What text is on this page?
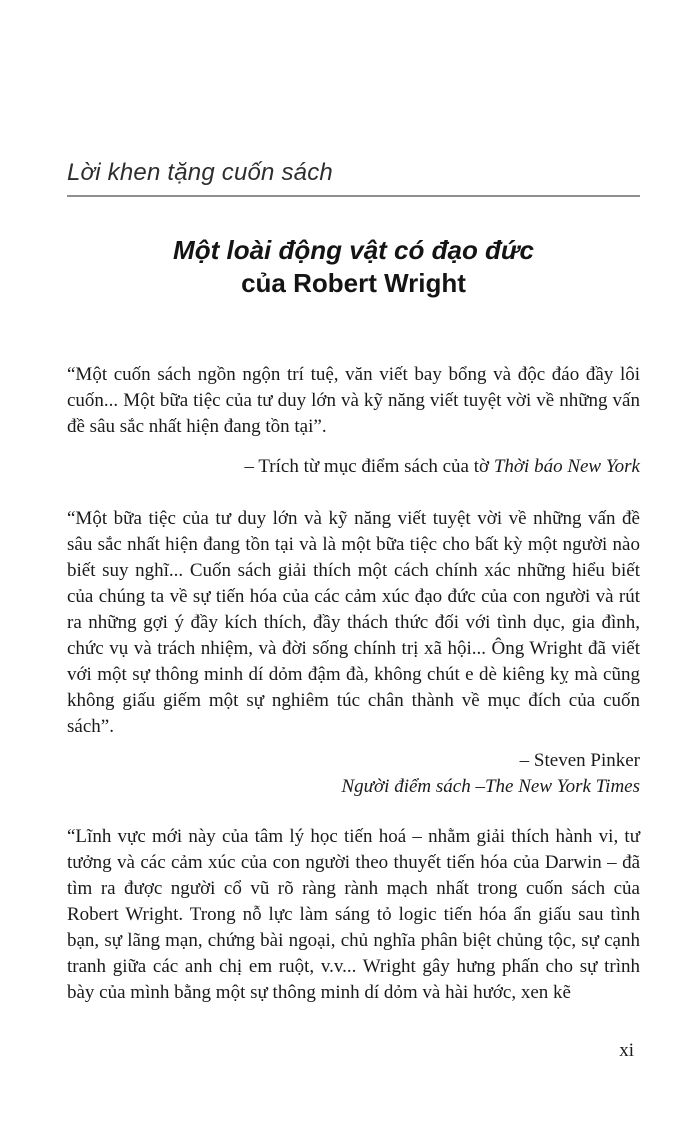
Lời khen tặng cuốn sách
Một loài động vật có đạo đức
của Robert Wright

“Một cuốn sách ngồn ngộn trí tuệ, văn viết bay bổng và độc đáo đầy lôi cuốn... Một bữa tiệc của tư duy lớn và kỹ năng viết tuyệt vời về những vấn đề sâu sắc nhất hiện đang tồn tại”.

– Trích từ mục điểm sách của tờ Thời báo New York

“Một bữa tiệc của tư duy lớn và kỹ năng viết tuyệt vời về những vấn đề sâu sắc nhất hiện đang tồn tại và là một bữa tiệc cho bất kỳ một người nào biết suy nghĩ... Cuốn sách giải thích một cách chính xác những hiểu biết của chúng ta về sự tiến hóa của các cảm xúc đạo đức của con người và rút ra những gợi ý đầy kích thích, đầy thách thức đối với tình dục, gia đình, chức vụ và trách nhiệm, và đời sống chính trị xã hội... Ông Wright đã viết với một sự thông minh dí dỏm đậm đà, không chút e dè kiêng kỵ mà cũng không giấu giếm một sự nghiêm túc chân thành về mục đích của cuốn sách”.

– Steven Pinker
Người điểm sách –The New York Times

“Lĩnh vực mới này của tâm lý học tiến hoá – nhằm giải thích hành vi, tư tưởng và các cảm xúc của con người theo thuyết tiến hóa của Darwin – đã tìm ra được người cổ vũ rõ ràng rành mạch nhất trong cuốn sách của Robert Wright. Trong nỗ lực làm sáng tỏ logic tiến hóa ẩn giấu sau tình bạn, sự lãng mạn, chứng bài ngoại, chủ nghĩa phân biệt chủng tộc, sự cạnh tranh giữa các anh chị em ruột, v.v... Wright gây hưng phấn cho sự trình bày của mình bằng một sự thông minh dí dỏm và hài hước, xen kẽ

xi
